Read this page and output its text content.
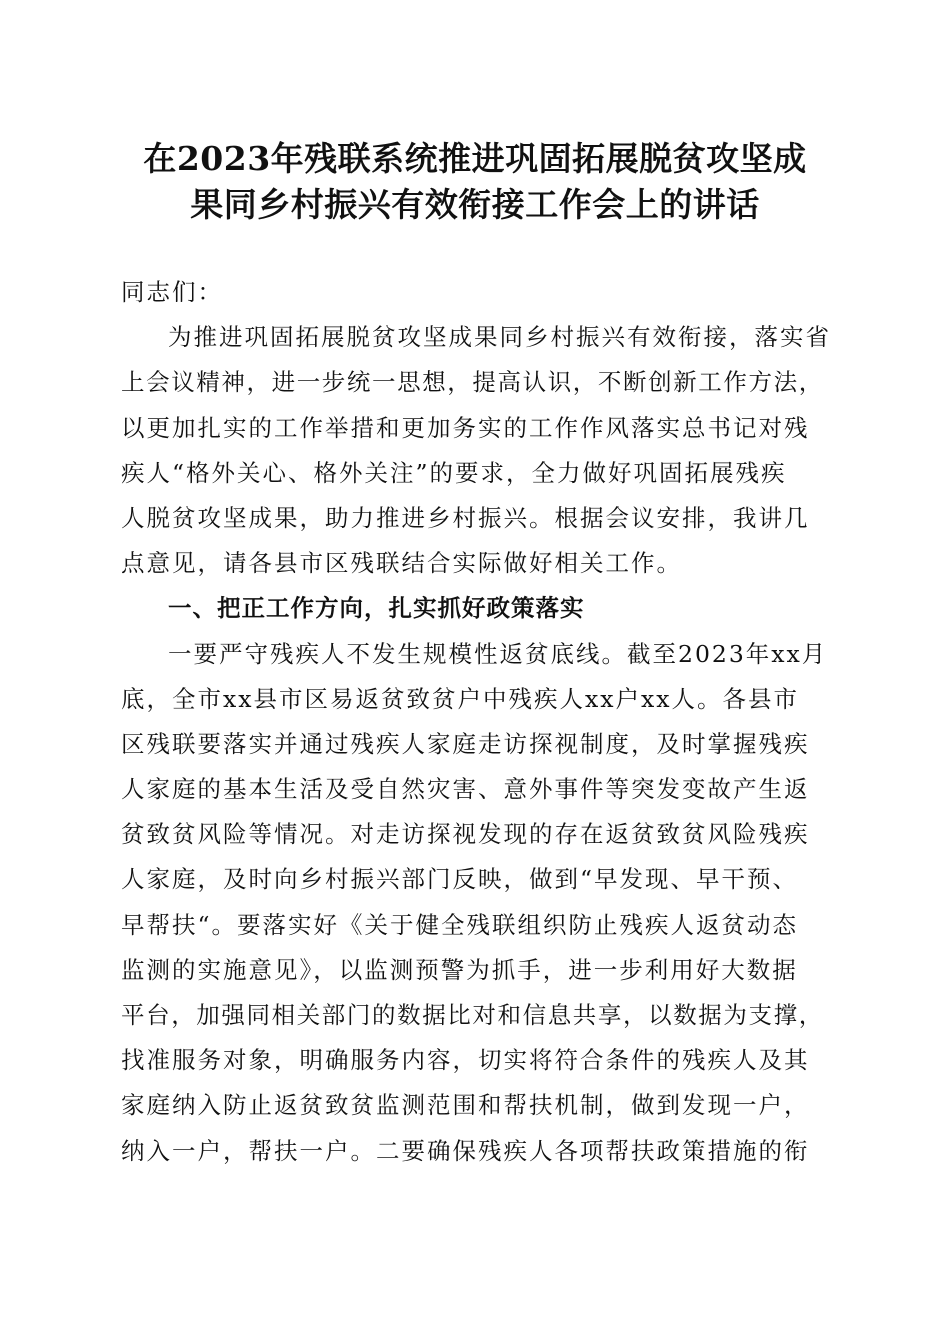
在2023年残联系统推进巩固拓展脱贫攻坚成
果同乡村振兴有效衔接工作会上的讲话
同志们：
为推进巩固拓展脱贫攻坚成果同乡村振兴有效衔接，落实省
上会议精神，进一步统一思想，提高认识，不断创新工作方法，
以更加扎实的工作举措和更加务实的工作作风落实总书记对残
疾人“格外关心、格外关注”的要求，全力做好巩固拓展残疾
人脱贫攻坚成果，助力推进乡村振兴。根据会议安排，我讲几
点意见，请各县市区残联结合实际做好相关工作。
一、把正工作方向，扎实抓好政策落实
一要严守残疾人不发生规模性返贫底线。截至2023年xx月
底，全市xx县市区易返贫致贫户中残疾人xx户xx人。各县市
区残联要落实并通过残疾人家庭走访探视制度，及时掌握残疾
人家庭的基本生活及受自然灾害、意外事件等突发变故产生返
贫致贫风险等情况。对走访探视发现的存在返贫致贫风险残疾
人家庭，及时向乡村振兴部门反映，做到“早发现、早干预、
早帮扶“。要落实好《关于健全残联组织防止残疾人返贫动态
监测的实施意见》，以监测预警为抓手，进一步利用好大数据
平台，加强同相关部门的数据比对和信息共享，以数据为支撑，
找准服务对象，明确服务内容，切实将符合条件的残疾人及其
家庭纳入防止返贫致贫监测范围和帮扶机制，做到发现一户，
纳入一户，帮扶一户。二要确保残疾人各项帮扶政策措施的衔
